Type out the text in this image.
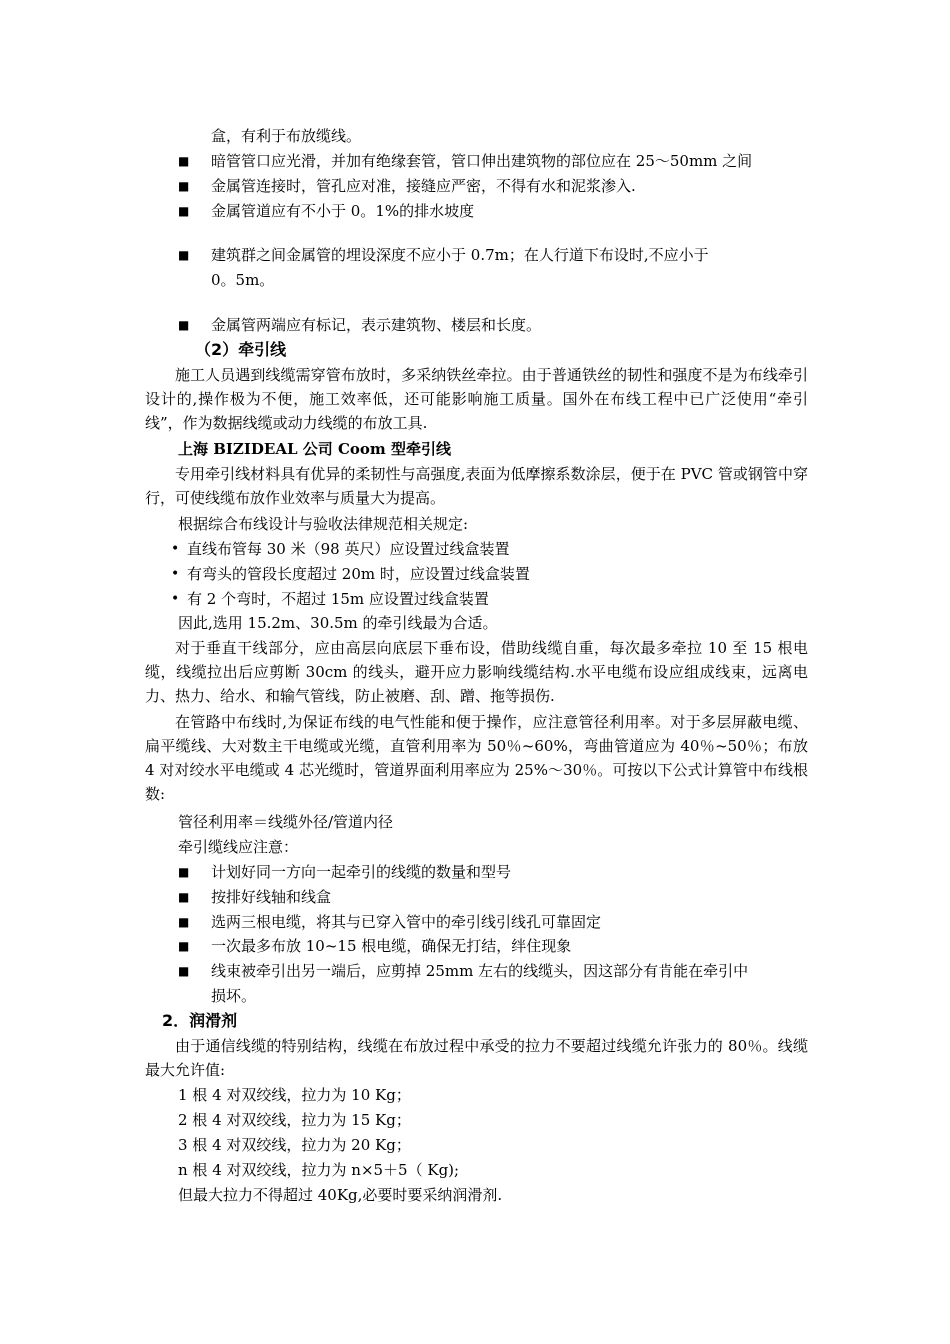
盒，有利于布放缆线。
■ 暗管管口应光滑，并加有绝缘套管，管口伸出建筑物的部位应在 25～50mm 之间
■ 金属管连接时，管孔应对准，接缝应严密，不得有水和泥浆渗入.
■ 金属管道应有不小于 0。1%的排水坡度
■ 建筑群之间金属管的埋设深度不应小于 0.7m；在人行道下布设时,不应小于
0。5m。
■ 金属管两端应有标记，表示建筑物、楼层和长度。
（2）牵引线
施工人员遇到线缆需穿管布放时，多采纳铁丝牵拉。由于普通铁丝的韧性和强度不是为布线牵引设计的,操作极为不便，施工效率低，还可能影响施工质量。国外在布线工程中已广泛使用“牵引线”，作为数据线缆或动力线缆的布放工具.
上海 BIZIDEAL 公司 Coom 型牵引线
专用牵引线材料具有优异的柔韧性与高强度,表面为低摩擦系数涂层，便于在 PVC 管或钢管中穿行，可使线缆布放作业效率与质量大为提高。
根据综合布线设计与验收法律规范相关规定:
• 直线布管每 30 米（98 英尺）应设置过线盒装置
• 有弯头的管段长度超过 20m 时，应设置过线盒装置
• 有 2 个弯时，不超过 15m 应设置过线盒装置
因此,选用 15.2m、30.5m 的牵引线最为合适。
对于垂直干线部分，应由高层向底层下垂布设，借助线缆自重，每次最多牵拉 10 至 15 根电缆，线缆拉出后应剪断 30cm 的线头，避开应力影响线缆结构.水平电缆布设应组成线束，远离电力、热力、给水、和输气管线，防止被磨、刮、蹭、拖等损伤.
在管路中布线时,为保证布线的电气性能和便于操作，应注意管径利用率。对于多层屏蔽电缆、扁平缆线、大对数主干电缆或光缆，直管利用率为 50％~60%，弯曲管道应为 40％~50％；布放 4 对对绞水平电缆或 4 芯光缆时，管道界面利用率应为 25%～30％。可按以下公式计算管中布线根数:
管径利用率＝线缆外径/管道内径
牵引缆线应注意：
■ 计划好同一方向一起牵引的线缆的数量和型号
■ 按排好线轴和线盒
■ 选两三根电缆，将其与已穿入管中的牵引线引线孔可靠固定
■ 一次最多布放 10~15 根电缆，确保无打结，绊住现象
■ 线束被牵引出另一端后，应剪掉 25mm 左右的线缆头，因这部分有肯能在牵引中
损坏。
2．润滑剂
由于通信线缆的特别结构，线缆在布放过程中承受的拉力不要超过线缆允许张力的 80％。线缆最大允许值:
1 根 4 对双绞线，拉力为 10 Kg；
2 根 4 对双绞线，拉力为 15 Kg；
3 根 4 对双绞线，拉力为 20 Kg；
n 根 4 对双绞线，拉力为 n×5＋5（ Kg);
但最大拉力不得超过 40Kg,必要时要采纳润滑剂.
